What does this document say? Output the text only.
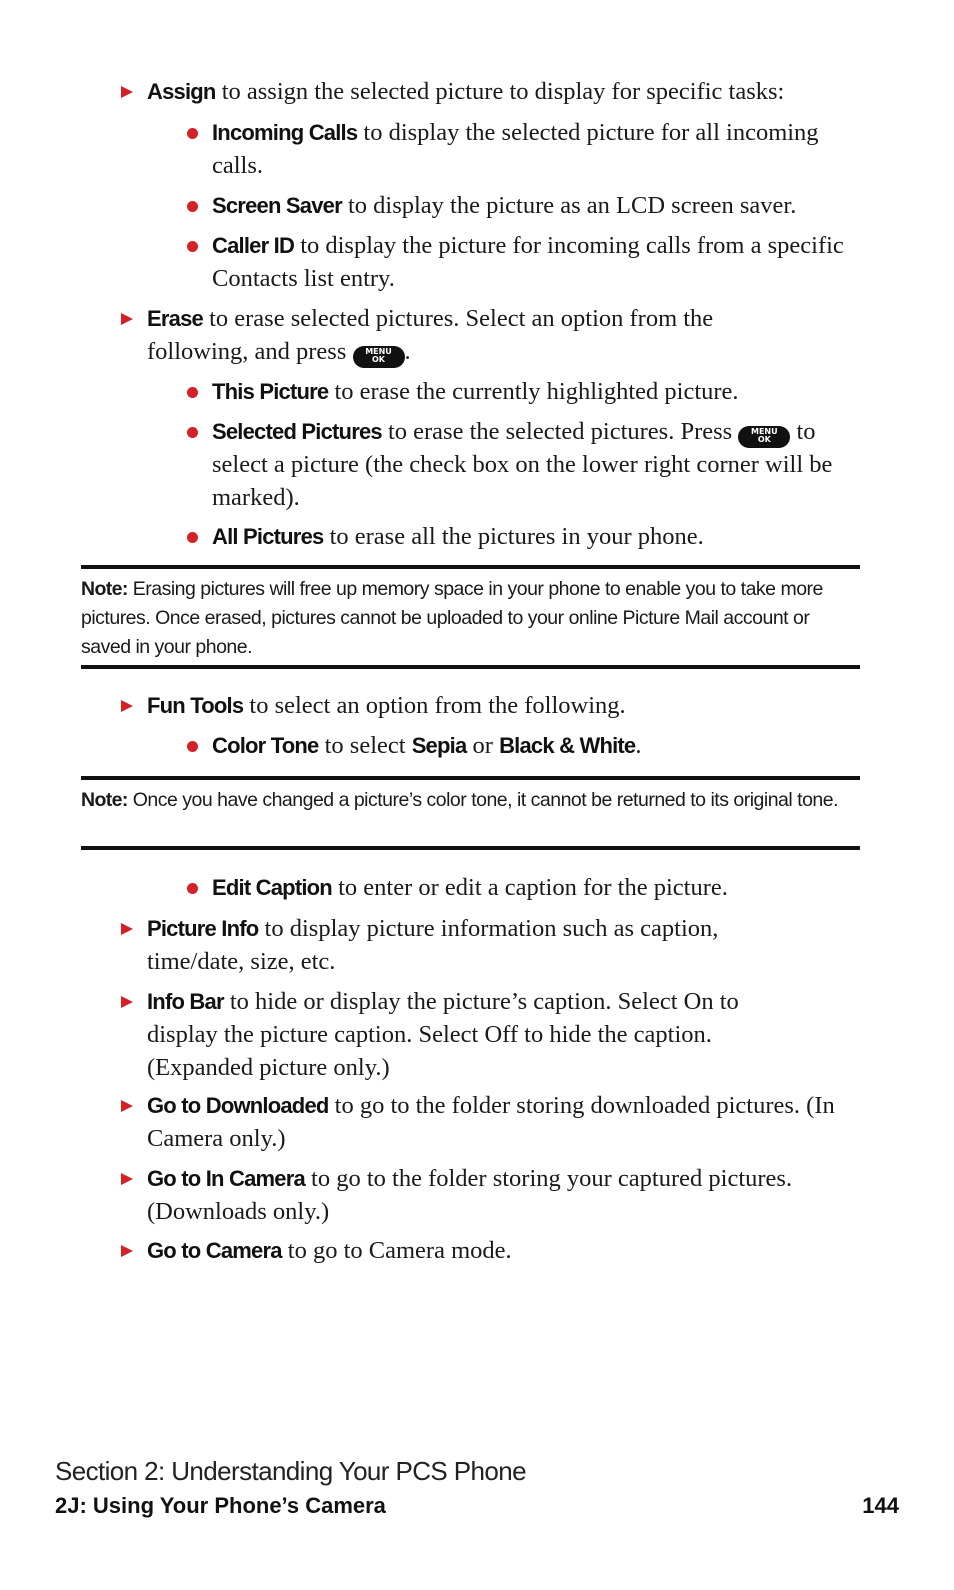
Assign to assign the selected picture to display for specific tasks:
Incoming Calls to display the selected picture for all incoming calls.
Screen Saver to display the picture as an LCD screen saver.
Caller ID to display the picture for incoming calls from a specific Contacts list entry.
Erase to erase selected pictures. Select an option from the following, and press	MENU
OK .
This Picture to erase the currently highlighted picture.
Selected Pictures to erase the selected pictures. Press	MENU
OK to select a picture (the check box on the lower right corner will be marked).
All Pictures to erase all the pictures in your phone.
Note: Erasing pictures will free up memory space in your phone to enable you to take more pictures. Once erased, pictures cannot be uploaded to your online Picture Mail account or saved in your phone.
Fun Tools to select an option from the following.
Color Tone to select Sepia or Black & White.
Note: Once you have changed a picture’s color tone, it cannot be returned to its original tone.
Edit Caption to enter or edit a caption for the picture.
Picture Info to display picture information such as caption, time/date, size, etc.
Info Bar to hide or display the picture’s caption. Select On to display the picture caption. Select Off to hide the caption. (Expanded picture only.)
Go to Downloaded to go to the folder storing downloaded pictures. (In Camera only.)
Go to In Camera to go to the folder storing your captured pictures. (Downloads only.)
Go to Camera to go to Camera mode.
Section 2: Understanding Your PCS Phone
2J: Using Your Phone’s Camera	144
